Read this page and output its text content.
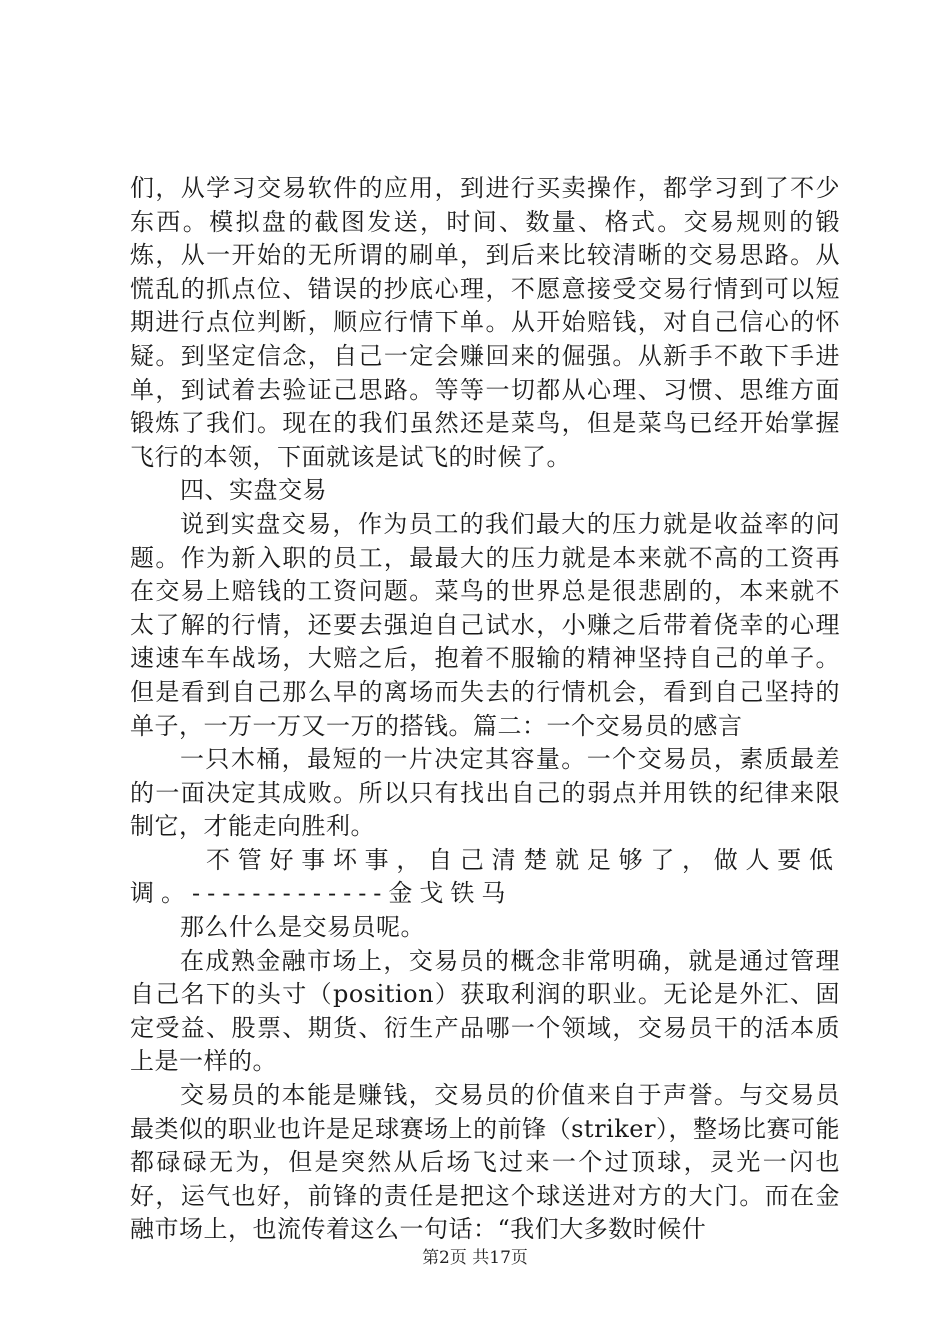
们，从学习交易软件的应用，到进行买卖操作，都学习到了不少东西。模拟盘的截图发送，时间、数量、格式。交易规则的锻炼，从一开始的无所谓的刷单，到后来比较清晰的交易思路。从慌乱的抓点位、错误的抄底心理，不愿意接受交易行情到可以短期进行点位判断，顺应行情下单。从开始赔钱，对自己信心的怀疑。到坚定信念，自己一定会赚回来的倔强。从新手不敢下手进单，到试着去验证己思路。等等一切都从心理、习惯、思维方面锻炼了我们。现在的我们虽然还是菜鸟，但是菜鸟已经开始掌握飞行的本领，下面就该是试飞的时候了。

四、实盘交易

说到实盘交易，作为员工的我们最大的压力就是收益率的问题。作为新入职的员工，最最大的压力就是本来就不高的工资再在交易上赔钱的工资问题。菜鸟的世界总是很悲剧的，本来就不太了解的行情，还要去强迫自己试水，小赚之后带着侥幸的心理速速车车战场，大赔之后，抱着不服输的精神坚持自己的单子。但是看到自己那么早的离场而失去的行情机会，看到自己坚持的单子，一万一万又一万的搭钱。篇二：一个交易员的感言

一只木桶，最短的一片决定其容量。一个交易员，素质最差的一面决定其成败。所以只有找出自己的弱点并用铁的纪律来限制它，才能走向胜利。

不管好事坏事，自己清楚就足够了，做人要低调。-------------金戈铁马

那么什么是交易员呢。

在成熟金融市场上，交易员的概念非常明确，就是通过管理自己名下的头寸（position）获取利润的职业。无论是外汇、固定受益、股票、期货、衍生产品哪一个领域，交易员干的活本质上是一样的。

交易员的本能是赚钱，交易员的价值来自于声誉。与交易员最类似的职业也许是足球赛场上的前锋（striker），整场比赛可能都碌碌无为，但是突然从后场飞过来一个过顶球，灵光一闪也好，运气也好，前锋的责任是把这个球送进对方的大门。而在金融市场上，也流传着这么一句话：“我们大多数时候什

第2页 共17页
